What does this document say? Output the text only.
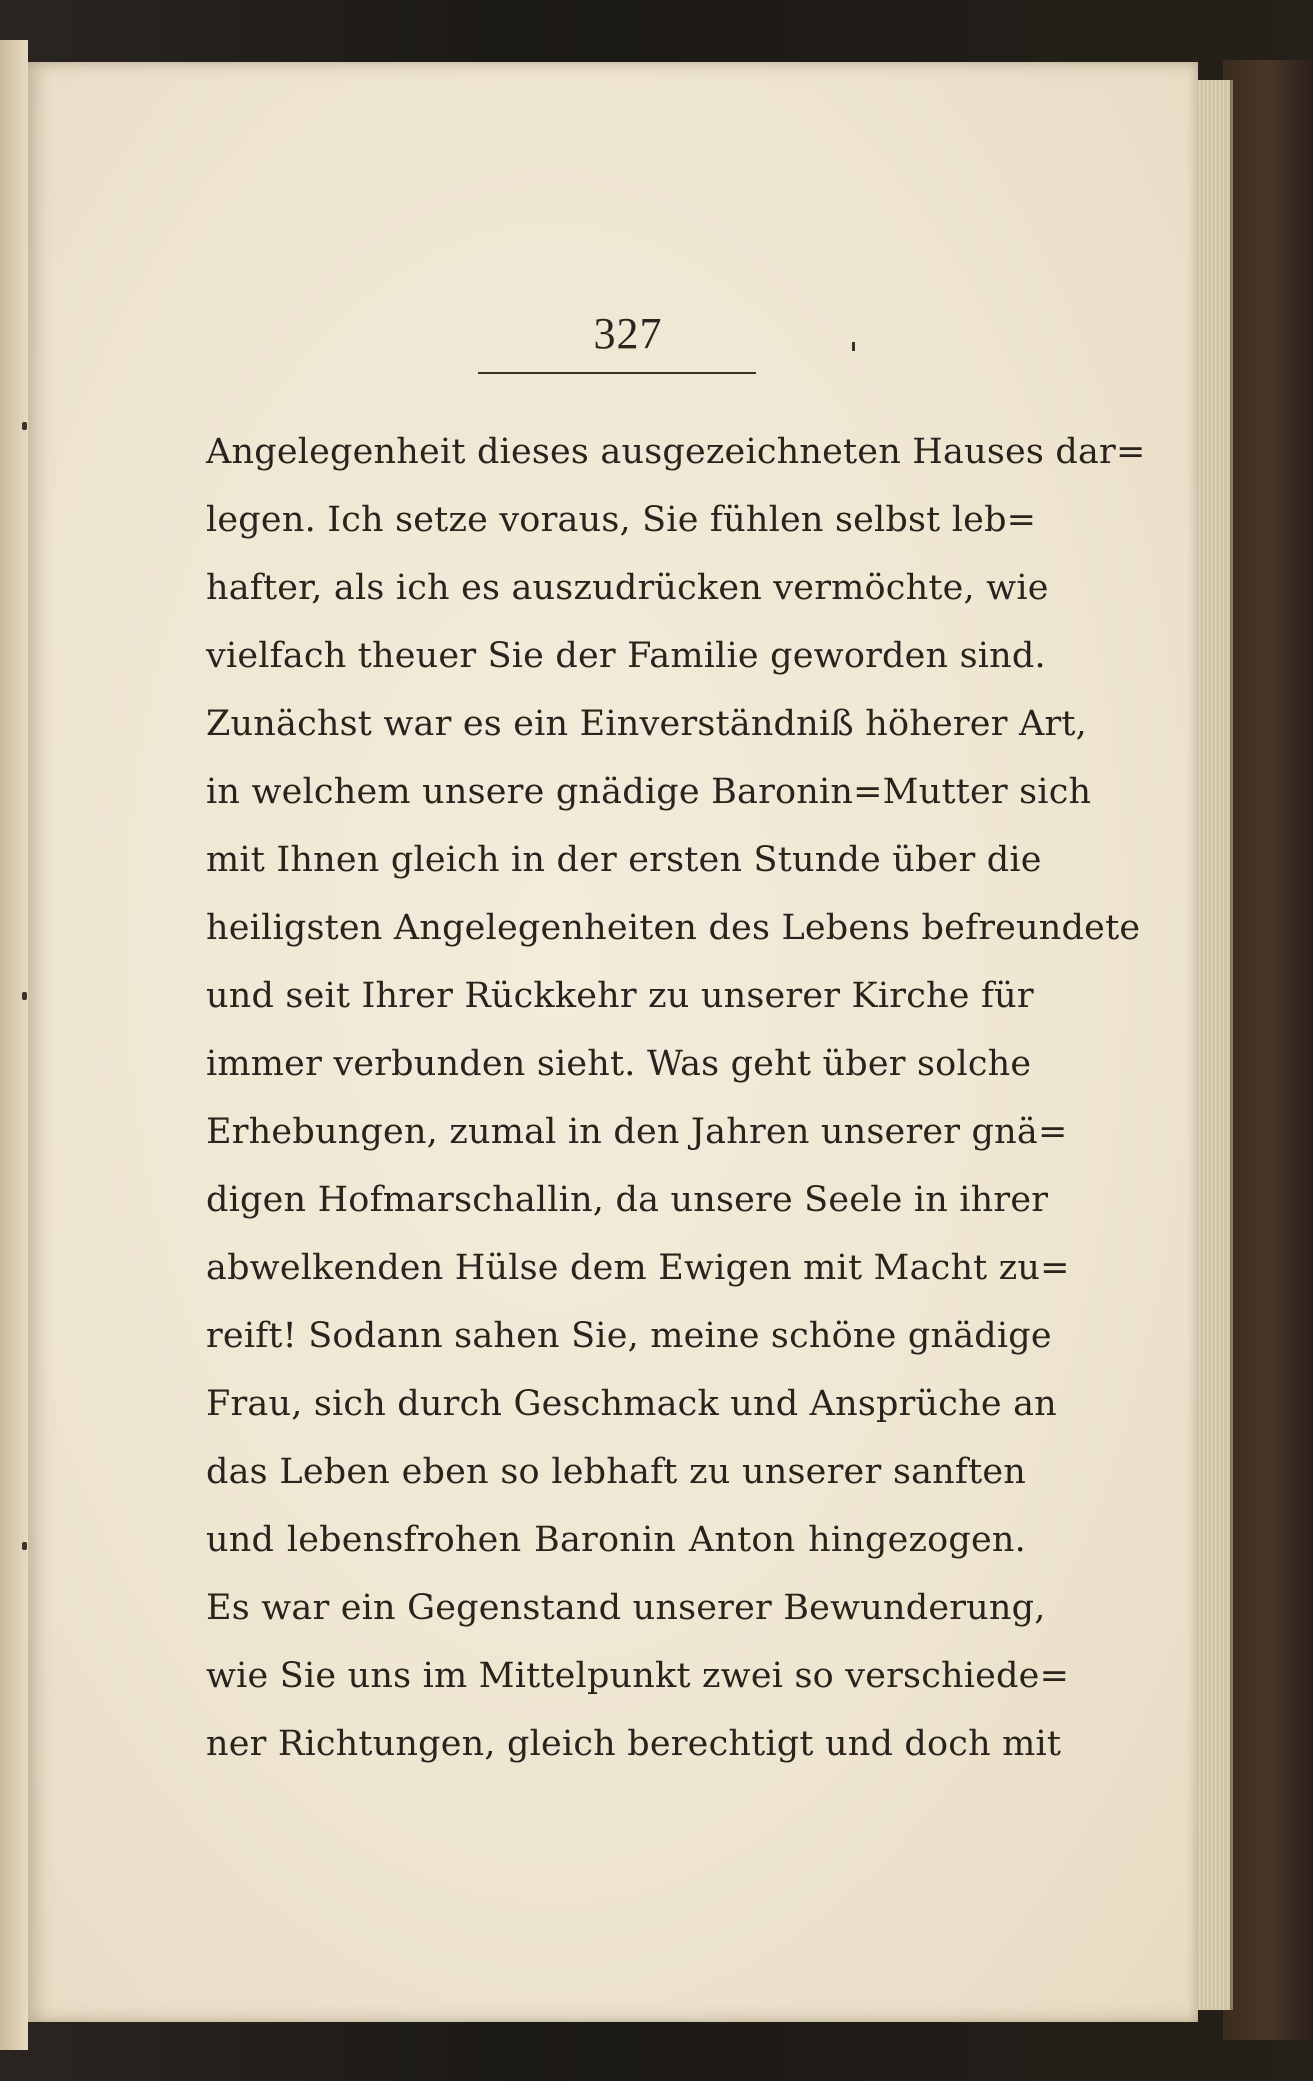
327
Angelegenheit dieses ausgezeichneten Hauses dar=
legen. Ich setze voraus, Sie fühlen selbst leb=
hafter, als ich es auszudrücken vermöchte, wie
vielfach theuer Sie der Familie geworden sind.
Zunächst war es ein Einverständniß höherer Art,
in welchem unsere gnädige Baronin=Mutter sich
mit Ihnen gleich in der ersten Stunde über die
heiligsten Angelegenheiten des Lebens befreundete
und seit Ihrer Rückkehr zu unserer Kirche für
immer verbunden sieht. Was geht über solche
Erhebungen, zumal in den Jahren unserer gnä=
digen Hofmarschallin, da unsere Seele in ihrer
abwelkenden Hülse dem Ewigen mit Macht zu=
reift! Sodann sahen Sie, meine schöne gnädige
Frau, sich durch Geschmack und Ansprüche an
das Leben eben so lebhaft zu unserer sanften
und lebensfrohen Baronin Anton hingezogen.
Es war ein Gegenstand unserer Bewunderung,
wie Sie uns im Mittelpunkt zwei so verschiede=
ner Richtungen, gleich berechtigt und doch mit
